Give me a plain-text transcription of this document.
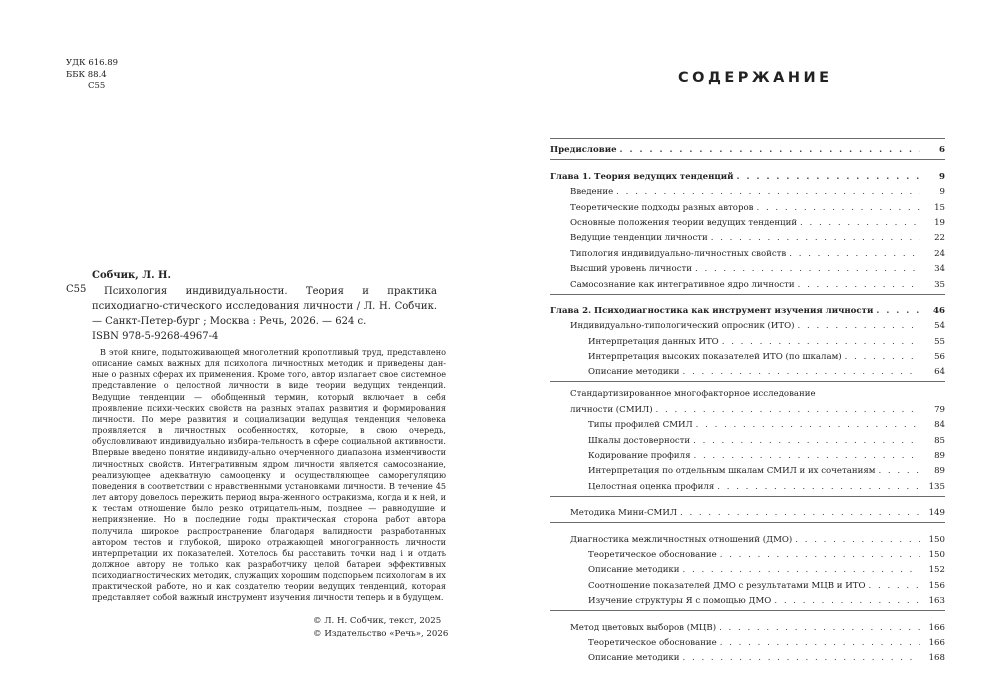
УДК 616.89
ББК 88.4
С55
Собчик, Л. Н.
С55	Психология индивидуальности. Теория и практика психодиагно-стического исследования личности / Л. Н. Собчик. — Санкт-Петер-бург ; Москва : Речь, 2026. — 624 с.
ISBN 978-5-9268-4967-4
В этой книге, подытоживающей многолетний кропотливый труд, представлено описание самых важных для психолога личностных методик и приведены дан-ные о разных сферах их применения. Кроме того, автор излагает свое системное представление о целостной личности в виде теории ведущих тенденций. Ведущие тенденции — обобщенный термин, который включает в себя проявление психи-ческих свойств на разных этапах развития и формирования личности. По мере развития и социализации ведущая тенденция человека проявляется в личностных особенностях, которые, в свою очередь, обусловливают индивидуально избира-тельность в сфере социальной активности. Впервые введено понятие индивиду-ально очерченного диапазона изменчивости личностных свойств. Интегративным ядром личности является самосознание, реализующее адекватную самооценку и осуществляющее саморегуляцию поведения в соответствии с нравственными установками личности. В течение 45 лет автору довелось пережить период выра-женного остракизма, когда и к ней, и к тестам отношение было резко отрицатель-ным, позднее — равнодушие и неприязнение. Но в последние годы практическая сторона работ автора получила широкое распространение благодаря валидности разработанных автором тестов и глубокой, широко отражающей многогранность личности интерпретации их показателей. Хотелось бы расставить точки над i и отдать должное автору не только как разработчику целой батареи эффективных психодиагностических методик, служащих хорошим подспорьем психологам в их практической работе, но и как создателю теории ведущих тенденций, которая представляет собой важный инструмент изучения личности теперь и в будущем.
© Л. Н. Собчик, текст, 2025
© Издательство «Речь», 2026
СОДЕРЖАНИЕ
Предисловие . . .	6
Глава 1. Теория ведущих тенденций . . .	9
Введение . . .	9
Теоретические подходы разных авторов . . .	15
Основные положения теории ведущих тенденций . . .	19
Ведущие тенденции личности . . .	22
Типология индивидуально-личностных свойств . . .	24
Высший уровень личности . . .	34
Самосознание как интегративное ядро личности . . .	35
Глава 2. Психодиагностика как инструмент изучения личности . . .	46
Индивидуально-типологический опросник (ИТО) . . .	54
Интерпретация данных ИТО . . .	55
Интерпретация высоких показателей ИТО (по шкалам) . . .	56
Описание методики . . .	64
Стандартизированное многофакторное исследование
личности (СМИЛ) . . .	79
Типы профилей СМИЛ . . .	84
Шкалы достоверности . . .	85
Кодирование профиля . . .	89
Интерпретация по отдельным шкалам СМИЛ и их сочетаниям . . .	89
Целостная оценка профиля . . .	135
Методика Мини-СМИЛ . . .	149
Диагностика межличностных отношений (ДМО) . . .	150
Теоретическое обоснование . . .	150
Описание методики . . .	152
Соотношение показателей ДМО с результатами МЦВ и ИТО . . .	156
Изучение структуры Я с помощью ДМО . . .	163
Метод цветовых выборов (МЦВ) . . .	166
Теоретическое обоснование . . .	166
Описание методики . . .	168
